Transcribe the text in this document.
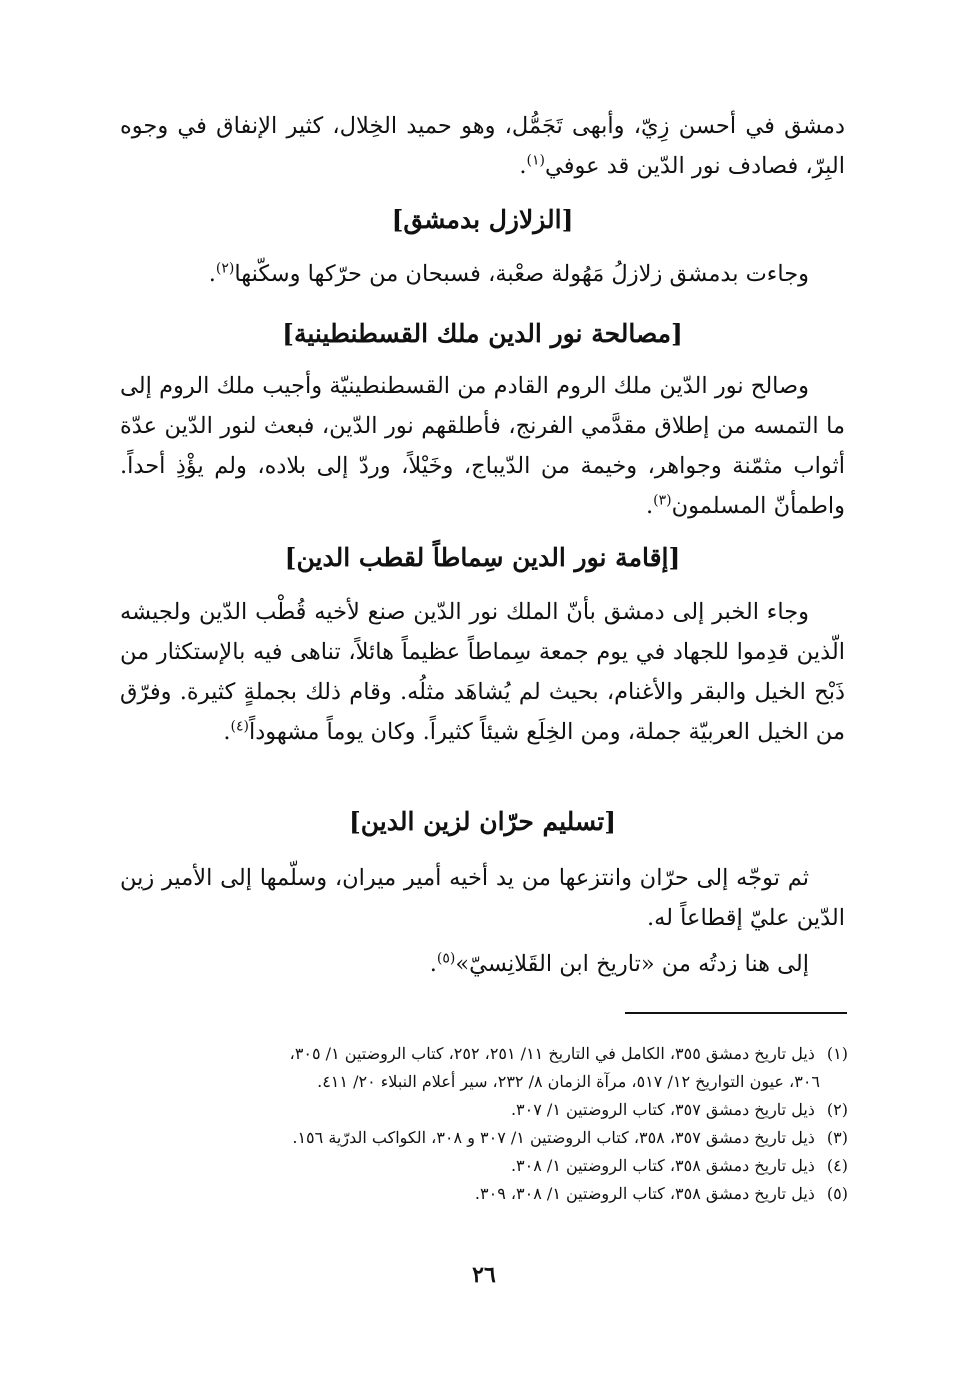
دمشق في أحسن زِيّ، وأبهى تَجَمُّل، وهو حميد الخِلال، كثير الإنفاق في وجوه البِرّ، فصادف نور الدّين قد عوفي$^{(١)}$.

[الزلازل بدمشق]

وجاءت بدمشق زلازلُ مَهُولة صعْبة، فسبحان من حرّكها وسكّنها$^{(٢)}$.

[مصالحة نور الدين ملك القسطنطينية]

وصالح نور الدّين ملك الروم القادم من القسطنطينيّة وأجيب ملك الروم إلى ما التمسه من إطلاق مقدَّمي الفرنج، فأطلقهم نور الدّين، فبعث لنور الدّين عدّة أثواب مثمّنة وجواهر، وخيمة من الدّيباج، وخَيْلاً، وردّ إلى بلاده، ولم يؤْذِ أحداً. واطمأنّ المسلمون$^{(٣)}$.

[إقامة نور الدين سِماطاً لقطب الدين]

وجاء الخبر إلى دمشق بأنّ الملك نور الدّين صنع لأخيه قُطْب الدّين ولجيشه الّذين قدِموا للجهاد في يوم جمعة سِماطاً عظيماً هائلاً، تناهى فيه بالإستكثار من ذَبْح الخيل والبقر والأغنام، بحيث لم يُشاهَد مثلُه. وقام ذلك بجملةٍ كثيرة. وفرّق من الخيل العربيّة جملة، ومن الخِلَع شيئاً كثيراً. وكان يوماً مشهوداً$^{(٤)}$.

[تسليم حرّان لزين الدين]

ثم توجّه إلى حرّان وانتزعها من يد أخيه أمير ميران، وسلّمها إلى الأمير زين الدّين عليّ إقطاعاً له.

إلى هنا زدتُه من «تاريخ ابن القَلانِسيّ»$^{(٥)}$.

(١) ذيل تاريخ دمشق ٣٥٥، الكامل في التاريخ ١١/ ٢٥١، ٢٥٢، كتاب الروضتين ١/ ٣٠٥،

٣٠٦، عيون التواريخ ١٢/ ٥١٧، مرآة الزمان ٨/ ٢٣٢، سير أعلام النبلاء ٢٠/ ٤١١.

(٢) ذيل تاريخ دمشق ٣٥٧، كتاب الروضتين ١/ ٣٠٧.

(٣) ذيل تاريخ دمشق ٣٥٧، ٣٥٨، كتاب الروضتين ١/ ٣٠٧ و ٣٠٨، الكواكب الدرّية ١٥٦.

(٤) ذيل تاريخ دمشق ٣٥٨، كتاب الروضتين ١/ ٣٠٨.

(٥) ذيل تاريخ دمشق ٣٥٨، كتاب الروضتين ١/ ٣٠٨، ٣٠٩.

٢٦
